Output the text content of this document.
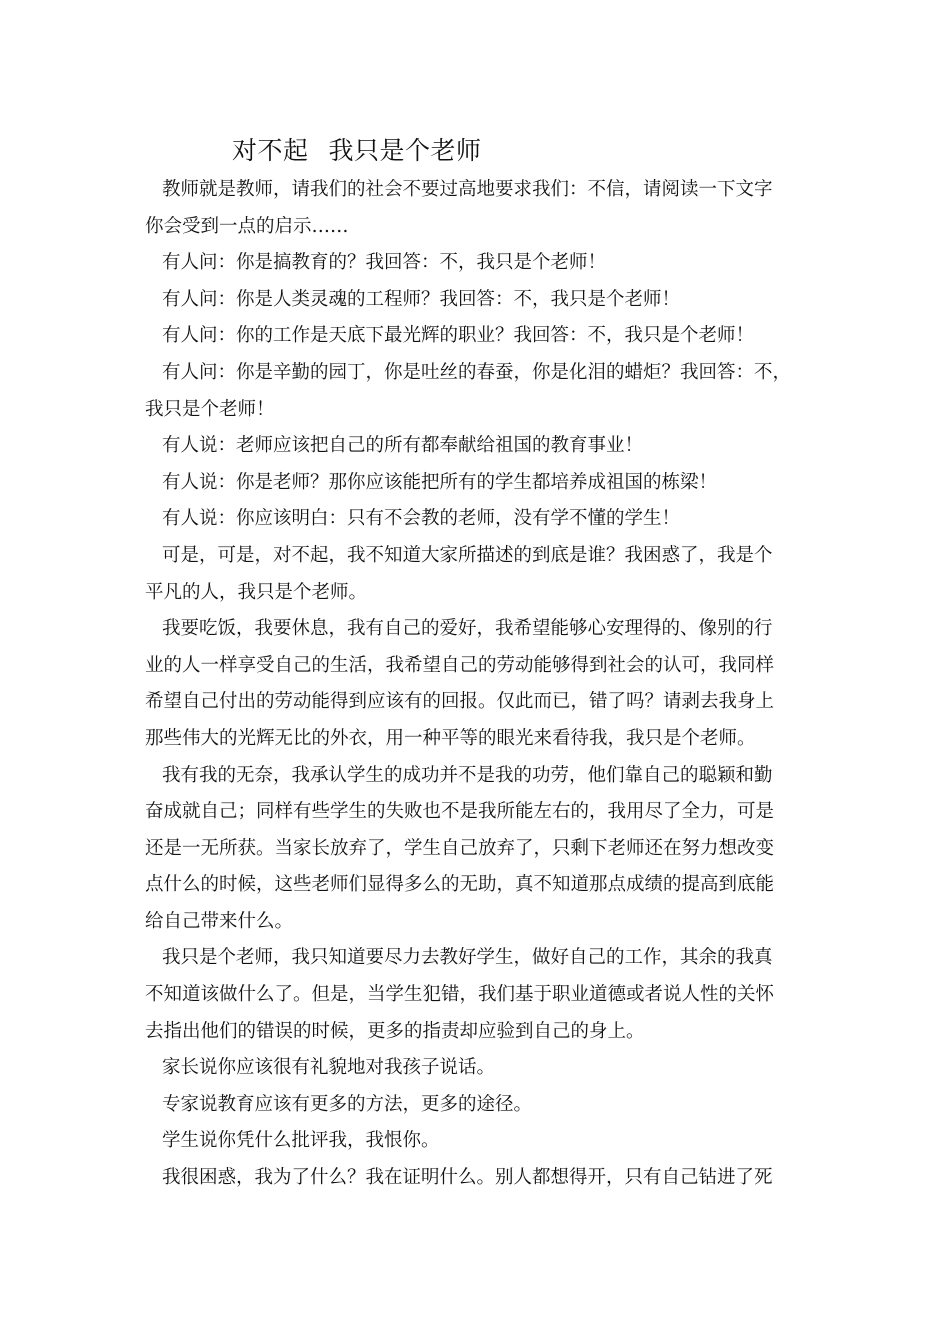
对不起 我只是个老师
教师就是教师，请我们的社会不要过高地要求我们：不信，请阅读一下文字
你会受到一点的启示……
有人问：你是搞教育的？我回答：不，我只是个老师！
有人问：你是人类灵魂的工程师？我回答：不，我只是个老师！
有人问：你的工作是天底下最光辉的职业？我回答：不，我只是个老师！
有人问：你是辛勤的园丁，你是吐丝的春蚕，你是化泪的蜡炬？我回答：不，
我只是个老师！
有人说：老师应该把自己的所有都奉献给祖国的教育事业！
有人说：你是老师？那你应该能把所有的学生都培养成祖国的栋梁！
有人说：你应该明白：只有不会教的老师，没有学不懂的学生！
可是，可是，对不起，我不知道大家所描述的到底是谁？我困惑了，我是个
平凡的人，我只是个老师。
我要吃饭，我要休息，我有自己的爱好，我希望能够心安理得的、像别的行
业的人一样享受自己的生活，我希望自己的劳动能够得到社会的认可，我同样
希望自己付出的劳动能得到应该有的回报。仅此而已，错了吗？请剥去我身上
那些伟大的光辉无比的外衣，用一种平等的眼光来看待我，我只是个老师。
我有我的无奈，我承认学生的成功并不是我的功劳，他们靠自己的聪颖和勤
奋成就自己；同样有些学生的失败也不是我所能左右的，我用尽了全力，可是
还是一无所获。当家长放弃了，学生自己放弃了，只剩下老师还在努力想改变
点什么的时候，这些老师们显得多么的无助，真不知道那点成绩的提高到底能
给自己带来什么。
我只是个老师，我只知道要尽力去教好学生，做好自己的工作，其余的我真
不知道该做什么了。但是，当学生犯错，我们基于职业道德或者说人性的关怀
去指出他们的错误的时候，更多的指责却应验到自己的身上。
家长说你应该很有礼貌地对我孩子说话。
专家说教育应该有更多的方法，更多的途径。
学生说你凭什么批评我，我恨你。
我很困惑，我为了什么？我在证明什么。别人都想得开，只有自己钻进了死
